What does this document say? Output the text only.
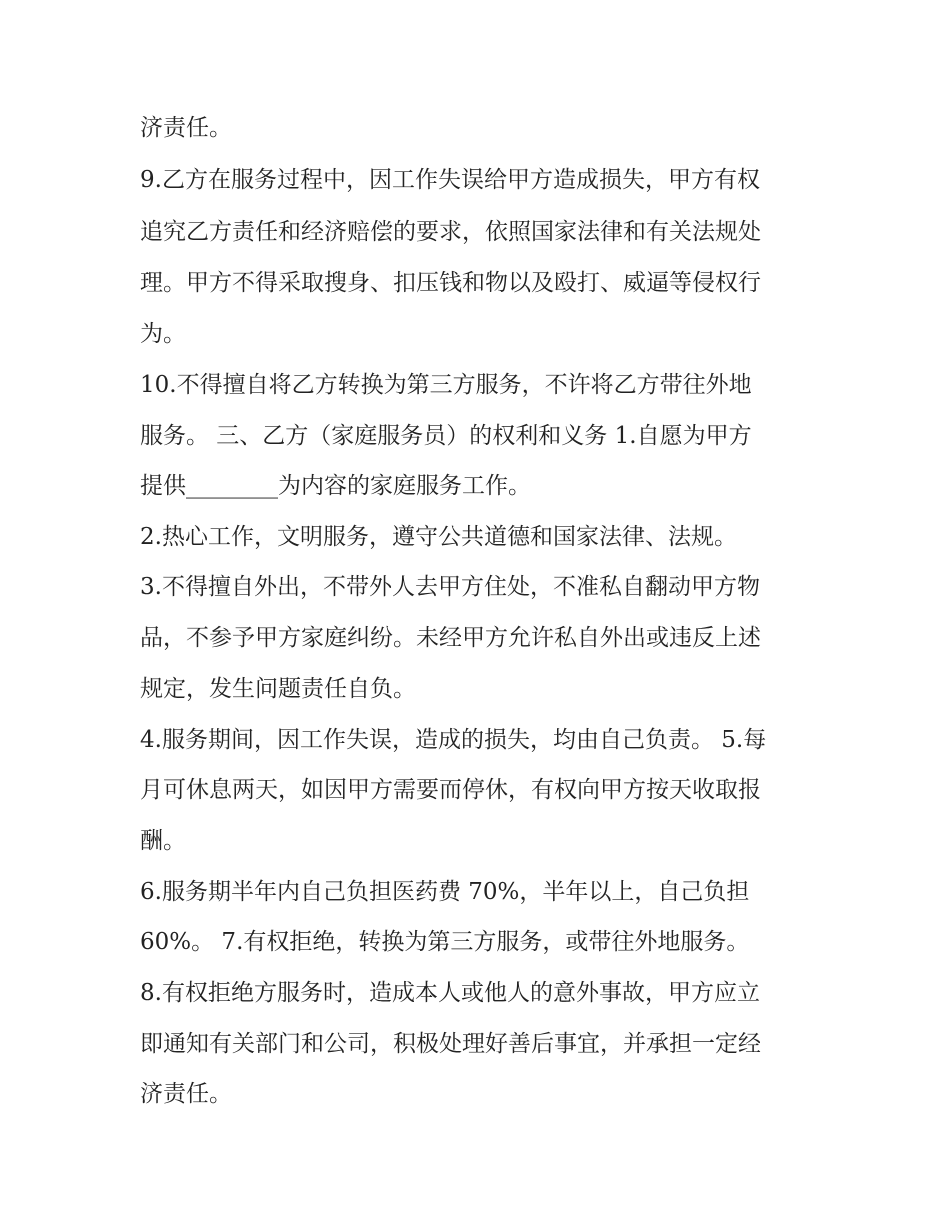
济责任。
9.乙方在服务过程中，因工作失误给甲方造成损失，甲方有权
追究乙方责任和经济赔偿的要求，依照国家法律和有关法规处
理。甲方不得采取搜身、扣压钱和物以及殴打、威逼等侵权行
为。
10.不得擅自将乙方转换为第三方服务，不许将乙方带往外地
服务。 三、乙方（家庭服务员）的权利和义务 1.自愿为甲方
提供________为内容的家庭服务工作。
2.热心工作，文明服务，遵守公共道德和国家法律、法规。
3.不得擅自外出，不带外人去甲方住处，不准私自翻动甲方物
品，不参予甲方家庭纠纷。未经甲方允许私自外出或违反上述
规定，发生问题责任自负。
4.服务期间，因工作失误，造成的损失，均由自己负责。 5.每
月可休息两天，如因甲方需要而停休，有权向甲方按天收取报
酬。
6.服务期半年内自己负担医药费 70%，半年以上，自己负担
60%。 7.有权拒绝，转换为第三方服务，或带往外地服务。
8.有权拒绝方服务时，造成本人或他人的意外事故，甲方应立
即通知有关部门和公司，积极处理好善后事宜，并承担一定经
济责任。
